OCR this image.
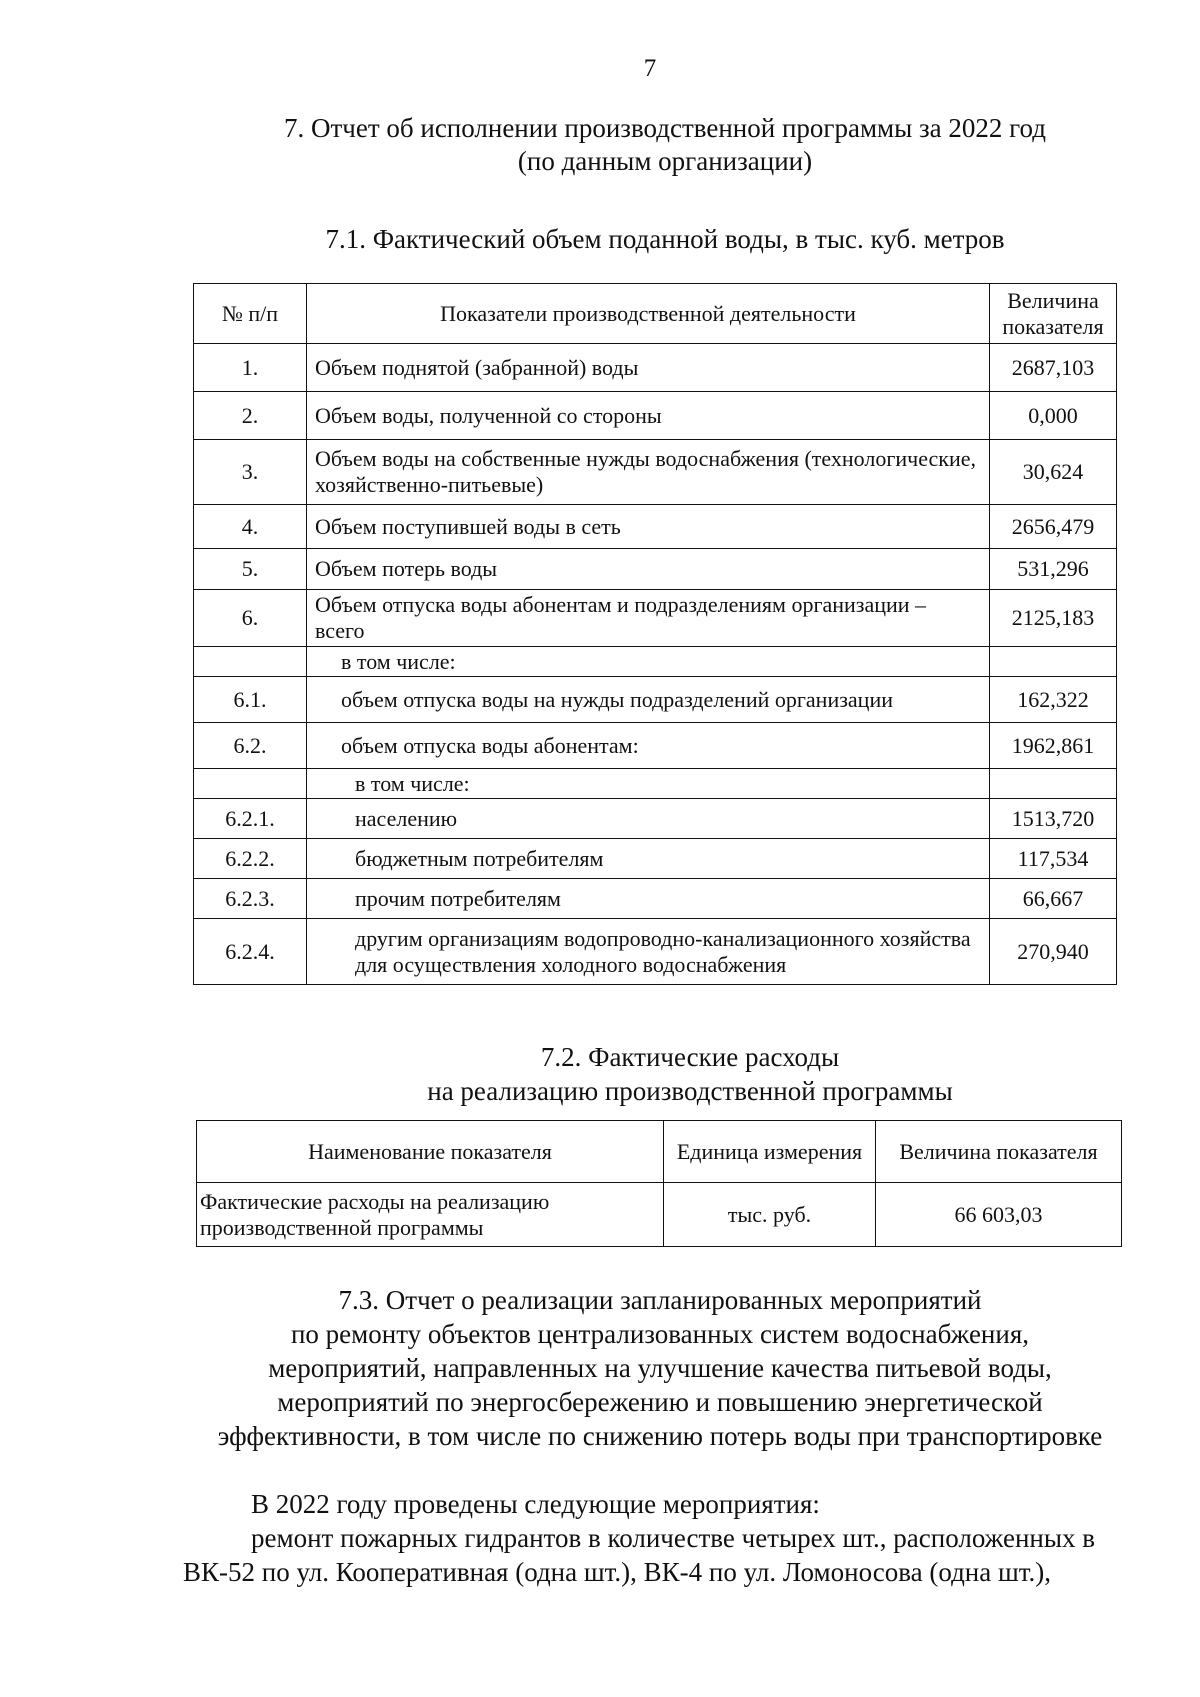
7
7. Отчет об исполнении производственной программы за 2022 год
(по данным организации)
7.1. Фактический объем поданной воды, в тыс. куб. метров
№ п/п	Показатели производственной деятельности	Величина показателя
1.	Объем поднятой (забранной) воды	2687,103
2.	Объем воды, полученной со стороны	0,000
3.	Объем воды на собственные нужды водоснабжения (технологические, хозяйственно-питьевые)	30,624
4.	Объем поступившей воды в сеть	2656,479
5.	Объем потерь воды	531,296
6.	Объем отпуска воды абонентам и подразделениям организации – всего	2125,183
	в том числе:	
6.1.	объем отпуска воды на нужды подразделений организации	162,322
6.2.	объем отпуска воды абонентам:	1962,861
	в том числе:	
6.2.1.	населению	1513,720
6.2.2.	бюджетным потребителям	117,534
6.2.3.	прочим потребителям	66,667
6.2.4.	другим организациям водопроводно-канализационного хозяйства для осуществления холодного водоснабжения	270,940
7.2. Фактические расходы
на реализацию производственной программы
Наименование показателя	Единица измерения	Величина показателя
Фактические расходы на реализацию производственной программы	тыс. руб.	66 603,03
7.3. Отчет о реализации запланированных мероприятий
по ремонту объектов централизованных систем водоснабжения,
мероприятий, направленных на улучшение качества питьевой воды,
мероприятий по энергосбережению и повышению энергетической
эффективности, в том числе по снижению потерь воды при транспортировке

В 2022 году проведены следующие мероприятия:

ремонт пожарных гидрантов в количестве четырех шт., расположенных в ВК-52 по ул. Кооперативная (одна шт.), ВК-4 по ул. Ломоносова (одна шт.),
